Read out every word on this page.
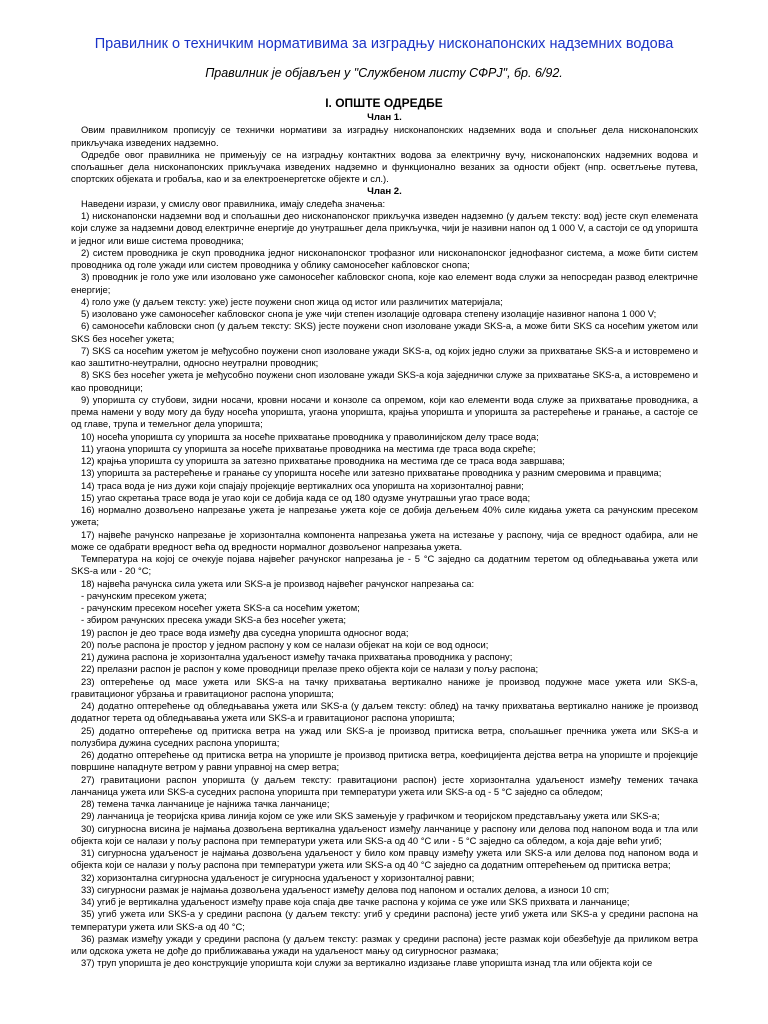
Правилник о техничким нормативима за изградњу нисконапонских надземних водова
Правилник је објављен у "Службеном листу СФРЈ", бр. 6/92.
I. ОПШТЕ ОДРЕДБЕ

Члан 1.

Овим правилником прописују се технички нормативи за изградњу нисконапонских надземних вода и спољњег дела нисконапонских прикључака изведених надземно.

Одредбе овог правилника не примењују се на изградњу контактних водова за електричну вучу, нисконапонских надземних водова и спољашњег дела нисконапонских прикључака изведених надземно и функционално везаних за одности објект (нпр. осветљење путева, спортских објеката и гробаља, као и за електроенергетске објекте и сл.).

Члан 2.

Наведени изрази, у смислу овог правилника, имају следећа значења:

1) нисконапонски надземни вод и спољашњи део нисконапонског прикључка изведен надземно (у даљем тексту: вод) јесте скуп елемената који служе за надземни довод електричне енергије до унутрашњег дела прикључка, чији је називни напон од 1 000 V, а састоји се од упоришта и једног или више система проводника;

2) систем проводника је скуп проводника једног нисконапонског трофазног или нисконапонског једнофазног система, а може бити систем проводника од голе ужади или систем проводника у облику самоносећег кабловског снопа;

3) проводник је голо уже или изоловано уже самоносећег кабловског снопа, које као елемент вода служи за непосредан развод електричне енергије;

4) голо уже (у даљем тексту: уже) јесте поужени сноп жица од истог или различитих материјала;

5) изоловано уже самоносећег кабловског снопа је уже чији степен изолације одговара степену изолације називног напона 1 000 V;

6) самоносећи кабловски сноп (у даљем тексту: SKS) јесте поужени сноп изоловане ужади SKS-a, а може бити SKS са носећим ужетом или SKS без носећег ужета;

7) SKS са носећим ужетом је међусобно поужени сноп изоловане ужади SKS-a, од којих једно служи за прихватање SKS-a и истовремено и као заштитно-неутрални, односно неутрални проводник;

8) SKS без носећег ужета је међусобно поужени сноп изоловане ужади SKS-a која заједнички служе за прихватање SKS-a, а истовремено и као проводници;

9) упоришта су стубови, зидни носачи, кровни носачи и конзоле са опремом, који као елементи вода служе за прихватање проводника, а према намени у воду могу да буду носећа упоришта, угаона упоришта, крајња упоришта и упоришта за растерећење и гранање, а састоје се од главе, трупа и темељног дела упоришта;

10) носећа упоришта су упоришта за носеће прихватање проводника у праволинијском делу трасе вода;

11) угаона упоришта су упоришта за носеће прихватање проводника на местима где траса вода скреће;

12) крајња упоришта су упоришта за затезно прихватање проводника на местима где се траса вода завршава;

13) упоришта за растерећење и гранање су упоришта носеће или затезно прихватање проводника у разним смеровима и правцима;

14) траса вода је низ дужи који спајају пројекције вертикалних оса упоришта на хоризонталној равни;

15) угао скретања трасе вода је угао који се добија када се од 180 одузме унутрашњи угао трасе вода;

16) нормално дозвољено напрезање ужета је напрезање ужета које се добија дељењем 40% силе кидања ужета са рачунским пресеком ужета;

17) највеће рачунско напрезање је хоризонтална компонента напрезања ужета на истезање у распону, чија се вредност одабира, али не може се одабрати вредност већа од вредности нормалног дозвољеног напрезања ужета.

Температура на којој се очекује појава највећег рачунског напрезања је - 5 °C заједно са додатним теретом од обледњавања ужета или SKS-a или - 20 °C;

18) највећа рачунска сила ужета или SKS-a је производ највећег рачунског напрезања са:

- рачунским пресеком ужета;

- рачунским пресеком носећег ужета SKS-a са носећим ужетом;

- збиром рачунских пресека ужади SKS-a без носећег ужета;

19) распон је део трасе вода између два суседна упоришта односног вода;

20) поље распона је простор у једном распону у ком се налази објекат на који се вод односи;

21) дужина распона је хоризонтална удаљеност између тачака прихватања проводника у распону;

22) прелазни распон је распон у коме проводници прелазе преко објекта који се налази у пољу распона;

23) оптерећење од масе ужета или SKS-a на тачку прихватања вертикално наниже је производ подужне масе ужета или SKS-a, гравитационог убрзања и гравитационог распона упоришта;

24) додатно оптерећење од обледњавања ужета или SKS-a (у даљем тексту: облед) на тачку прихватања вертикално наниже је производ додатног терета од обледњавања ужета или SKS-a и гравитационог распона упоришта;

25) додатно оптерећење од притиска ветра на ужад или SKS-a је производ притиска ветра, спољашњег пречника ужета или SKS-a и полузбира дужина суседних распона упоришта;

26) додатно оптерећење од притиска ветра на упориште је производ притиска ветра, коефицијента дејства ветра на упориште и пројекције површине нападнуте ветром у равни управној на смер ветра;

27) гравитациони распон упоришта (у даљем тексту: гравитациони распон) јесте хоризонтална удаљеност између темених тачака ланчаница ужета или SKS-a суседних распона упоришта при температури ужета или SKS-a од - 5 °C заједно са обледом;

28) темена тачка ланчанице је најнижа тачка ланчанице;

29) ланчаница је теоријска крива линија којом се уже или SKS замењује у графичком и теоријском представљању ужета или SKS-a;

30) сигурносна висина је најмања дозвољена вертикална удаљеност између ланчанице у распону или делова под напоном вода и тла или објекта који се налази у пољу распона при температури ужета или SKS-a од 40 °C или - 5 °C заједно са обледом, а која даје већи угиб;

31) сигурносна удаљеност је најмања дозвољена удаљеност у било ком правцу између ужета или SKS-a или делова под напоном вода и објекта који се налази у пољу распона при температури ужета или SKS-a од 40 °C заједно са додатним оптерећењем од притиска ветра;

32) хоризонтална сигурносна удаљеност је сигурносна удаљеност у хоризонталној равни;

33) сигурносни размак је најмања дозвољена удаљеност између делова под напоном и осталих делова, а износи 10 cm;

34) угиб је вертикална удаљеност између праве која спаја две тачке распона у којима се уже или SKS прихвата и ланчанице;

35) угиб ужета или SKS-a у средини распона (у даљем тексту: угиб у средини распона) јесте угиб ужета или SKS-a у средини распона на температури ужета или SKS-a од 40 °C;

36) размак између ужади у средини распона (у даљем тексту: размак у средини распона) јесте размак који обезбеђује да приликом ветра или одскока ужета не дође до приближавања ужади на удаљеност мању од сигурносног размака;

37) труп упоришта је део конструкције упоришта који служи за вертикално издизање главе упоришта изнад тла или објекта који се
